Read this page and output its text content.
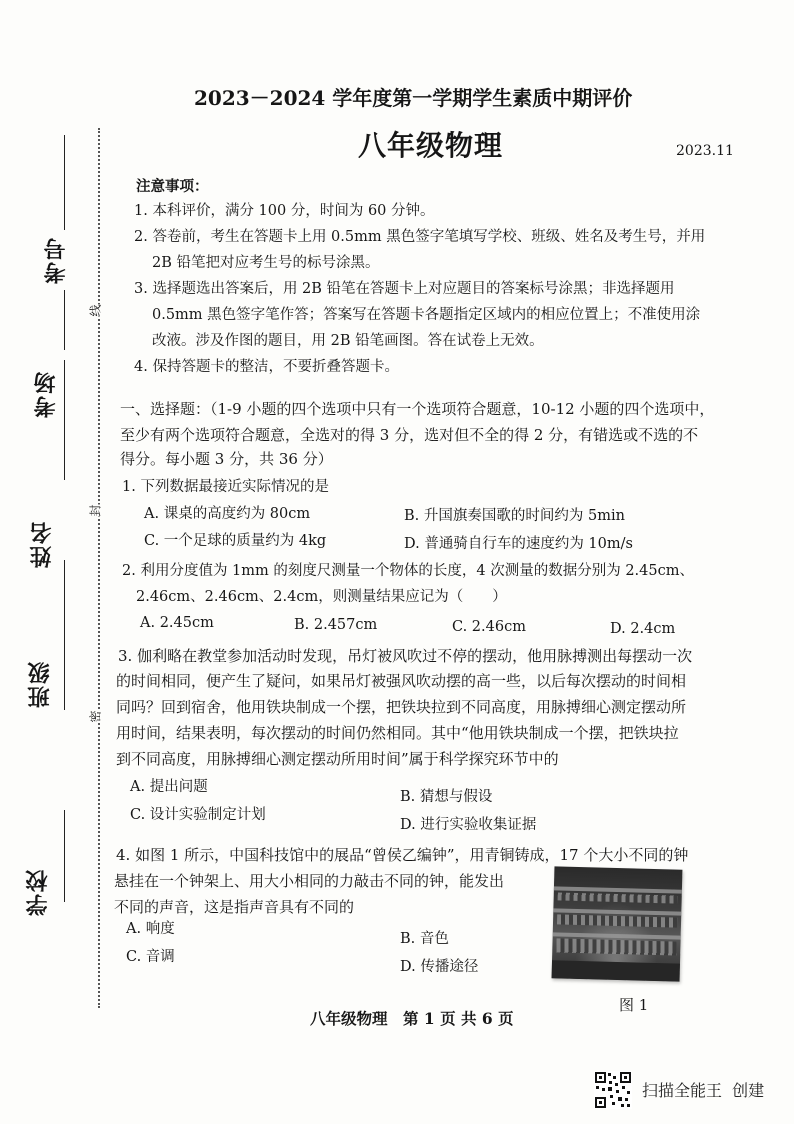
线
封
密
学校
班级
姓名
考场
考号
2023－2024 学年度第一学期学生素质中期评价
八年级物理	2023.11
注意事项：
1. 本科评价，满分 100 分，时间为 60 分钟。
2. 答卷前，考生在答题卡上用 0.5mm 黑色签字笔填写学校、班级、姓名及考生号，并用
2B 铅笔把对应考生号的标号涂黑。
3. 选择题选出答案后，用 2B 铅笔在答题卡上对应题目的答案标号涂黑；非选择题用
0.5mm 黑色签字笔作答；答案写在答题卡各题指定区域内的相应位置上；不准使用涂
改液。涉及作图的题目，用 2B 铅笔画图。答在试卷上无效。
4. 保持答题卡的整洁，不要折叠答题卡。
一、选择题：（1-9 小题的四个选项中只有一个选项符合题意，10-12 小题的四个选项中，
至少有两个选项符合题意，全选对的得 3 分，选对但不全的得 2 分，有错选或不选的不
得分。每小题 3 分，共 36 分）
1. 下列数据最接近实际情况的是
A. 课桌的高度约为 80cm	B. 升国旗奏国歌的时间约为 5min
C. 一个足球的质量约为 4kg	D. 普通骑自行车的速度约为 10m/s
2. 利用分度值为 1mm 的刻度尺测量一个物体的长度，4 次测量的数据分别为 2.45cm、
2.46cm、2.46cm、2.4cm，则测量结果应记为（　　）
A. 2.45cm	B. 2.457cm	C. 2.46cm	D. 2.4cm
3. 伽利略在教堂参加活动时发现，吊灯被风吹过不停的摆动，他用脉搏测出每摆动一次
的时间相同，便产生了疑问，如果吊灯被强风吹动摆的高一些，以后每次摆动的时间相
同吗？回到宿舍，他用铁块制成一个摆，把铁块拉到不同高度，用脉搏细心测定摆动所
用时间，结果表明，每次摆动的时间仍然相同。其中“他用铁块制成一个摆，把铁块拉
到不同高度，用脉搏细心测定摆动所用时间”属于科学探究环节中的
A. 提出问题
B. 猜想与假设
C. 设计实验制定计划
D. 进行实验收集证据
4. 如图 1 所示，中国科技馆中的展品“曾侯乙编钟”，用青铜铸成，17 个大小不同的钟
悬挂在一个钟架上、用大小相同的力敲击不同的钟，能发出
不同的声音，这是指声音具有不同的
A. 响度
B. 音色
C. 音调
D. 传播途径
图 1
八年级物理　第 1 页 共 6 页
扫描全能王  创建
